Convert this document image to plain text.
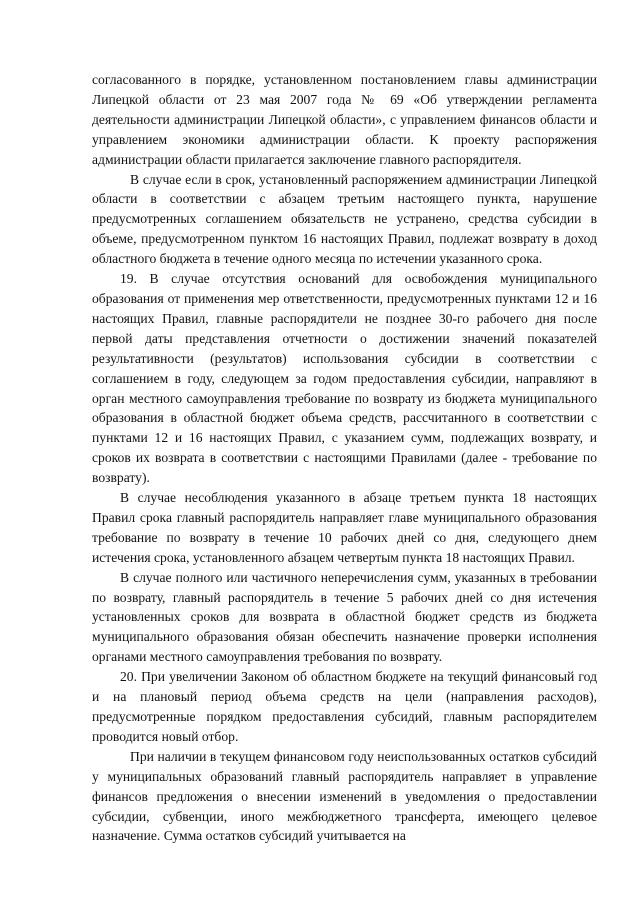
согласованного в порядке, установленном постановлением главы администрации Липецкой области от 23 мая 2007 года № 69 «Об утверждении регламента деятельности администрации Липецкой области», с управлением финансов области и управлением экономики администрации области. К проекту распоряжения администрации области прилагается заключение главного распорядителя.

В случае если в срок, установленный распоряжением администрации Липецкой области в соответствии с абзацем третьим настоящего пункта, нарушение предусмотренных соглашением обязательств не устранено, средства субсидии в объеме, предусмотренном пунктом 16 настоящих Правил, подлежат возврату в доход областного бюджета в течение одного месяца по истечении указанного срока.

19. В случае отсутствия оснований для освобождения муниципального образования от применения мер ответственности, предусмотренных пунктами 12 и 16 настоящих Правил, главные распорядители не позднее 30-го рабочего дня после первой даты представления отчетности о достижении значений показателей результативности (результатов) использования субсидии в соответствии с соглашением в году, следующем за годом предоставления субсидии, направляют в орган местного самоуправления требование по возврату из бюджета муниципального образования в областной бюджет объема средств, рассчитанного в соответствии с пунктами 12 и 16 настоящих Правил, с указанием сумм, подлежащих возврату, и сроков их возврата в соответствии с настоящими Правилами (далее - требование по возврату).

В случае несоблюдения указанного в абзаце третьем пункта 18 настоящих Правил срока главный распорядитель направляет главе муниципального образования требование по возврату в течение 10 рабочих дней со дня, следующего днем истечения срока, установленного абзацем четвертым пункта 18 настоящих Правил.

В случае полного или частичного неперечисления сумм, указанных в требовании по возврату, главный распорядитель в течение 5 рабочих дней со дня истечения установленных сроков для возврата в областной бюджет средств из бюджета муниципального образования обязан обеспечить назначение проверки исполнения органами местного самоуправления требования по возврату.

20. При увеличении Законом об областном бюджете на текущий финансовый год и на плановый период объема средств на цели (направления расходов), предусмотренные порядком предоставления субсидий, главным распорядителем проводится новый отбор.

При наличии в текущем финансовом году неиспользованных остатков субсидий у муниципальных образований главный распорядитель направляет в управление финансов предложения о внесении изменений в уведомления о предоставлении субсидии, субвенции, иного межбюджетного трансферта, имеющего целевое назначение. Сумма остатков субсидий учитывается на
